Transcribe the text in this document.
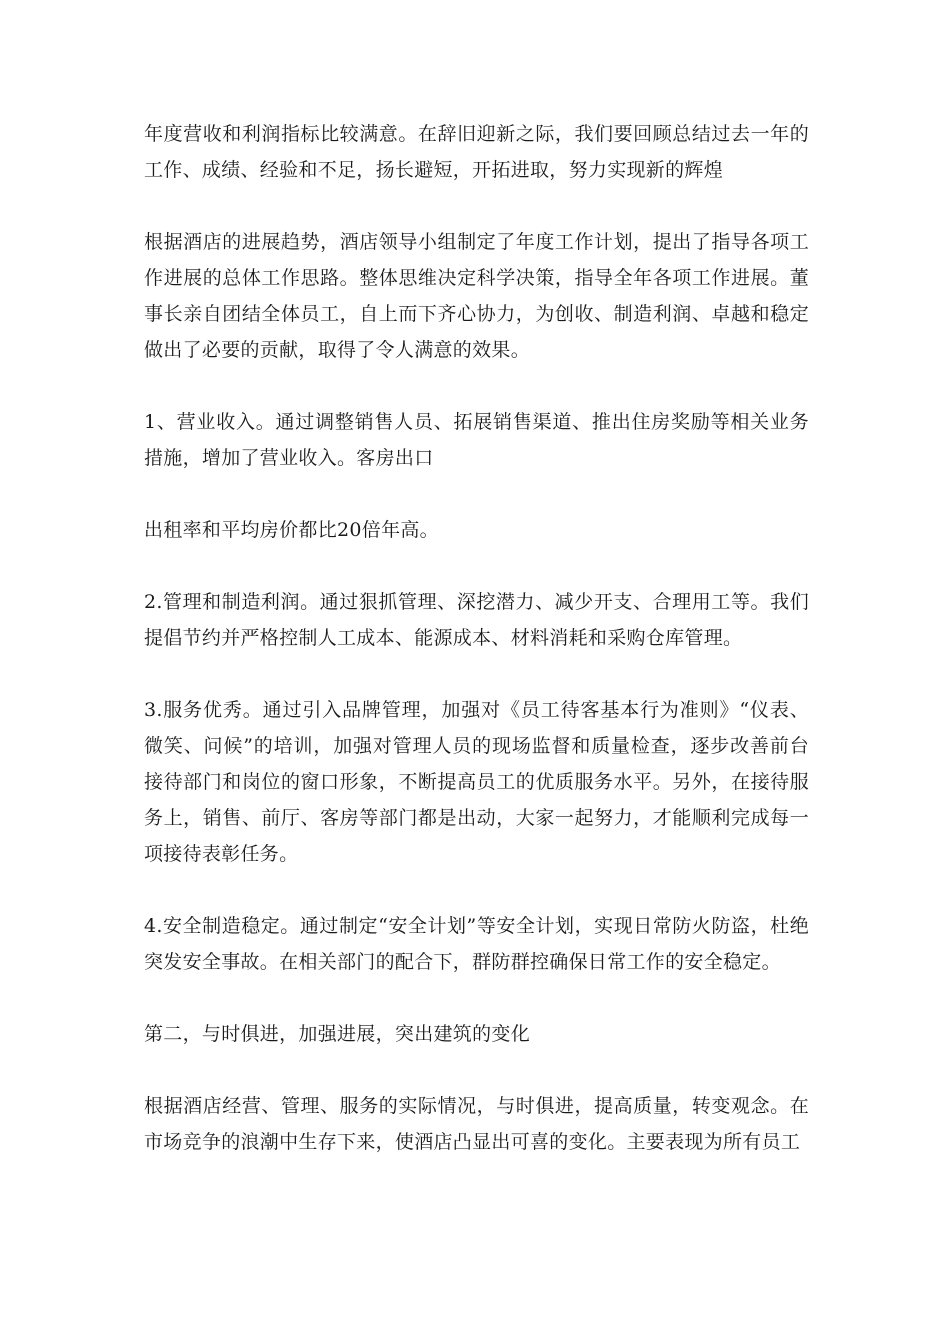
年度营收和利润指标比较满意。在辞旧迎新之际，我们要回顾总结过去一年的工作、成绩、经验和不足，扬长避短，开拓进取，努力实现新的辉煌

根据酒店的进展趋势，酒店领导小组制定了年度工作计划，提出了指导各项工作进展的总体工作思路。整体思维决定科学决策，指导全年各项工作进展。董事长亲自团结全体员工，自上而下齐心协力，为创收、制造利润、卓越和稳定做出了必要的贡献，取得了令人满意的效果。

1、营业收入。通过调整销售人员、拓展销售渠道、推出住房奖励等相关业务措施，增加了营业收入。客房出口

出租率和平均房价都比20倍年高。

2.管理和制造利润。通过狠抓管理、深挖潜力、减少开支、合理用工等。我们提倡节约并严格控制人工成本、能源成本、材料消耗和采购仓库管理。

3.服务优秀。通过引入品牌管理，加强对《员工待客基本行为准则》“仪表、微笑、问候”的培训，加强对管理人员的现场监督和质量检查，逐步改善前台接待部门和岗位的窗口形象，不断提高员工的优质服务水平。另外，在接待服务上，销售、前厅、客房等部门都是出动，大家一起努力，才能顺利完成每一项接待表彰任务。

4.安全制造稳定。通过制定“安全计划”等安全计划，实现日常防火防盗，杜绝突发安全事故。在相关部门的配合下，群防群控确保日常工作的安全稳定。

第二，与时俱进，加强进展，突出建筑的变化

根据酒店经营、管理、服务的实际情况，与时俱进，提高质量，转变观念。在市场竞争的浪潮中生存下来，使酒店凸显出可喜的变化。主要表现为所有员工
